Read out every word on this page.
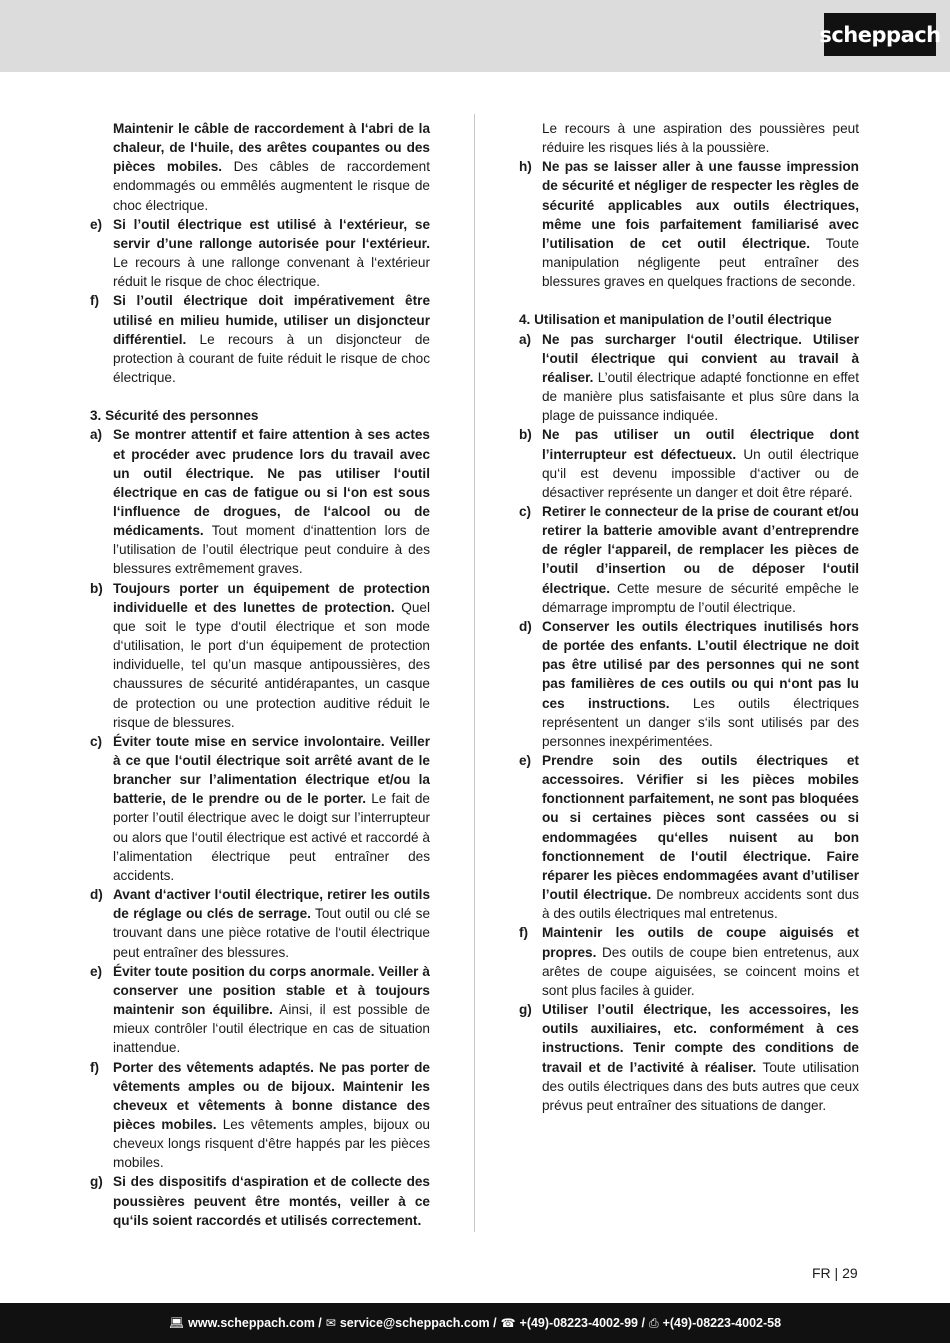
scheppach
Maintenir le câble de raccordement à l‘abri de la chaleur, de l‘huile, des arêtes coupantes ou des pièces mobiles. Des câbles de raccordement endommagés ou emmêlés augmentent le risque de choc électrique.
e) Si l’outil électrique est utilisé à l‘extérieur, se servir d’une rallonge autorisée pour l‘extérieur. Le recours à une rallonge convenant à l‘extérieur réduit le risque de choc électrique.
f) Si l’outil électrique doit impérativement être utilisé en milieu humide, utiliser un disjoncteur différentiel. Le recours à un disjoncteur de protection à courant de fuite réduit le risque de choc électrique.
3. Sécurité des personnes
a) Se montrer attentif et faire attention à ses actes et procéder avec prudence lors du travail avec un outil électrique. Ne pas utiliser l‘outil électrique en cas de fatigue ou si l‘on est sous l‘influence de drogues, de l‘alcool ou de médicaments. Tout moment d‘inattention lors de l’utilisation de l’outil électrique peut conduire à des blessures extrêmement graves.
b) Toujours porter un équipement de protection individuelle et des lunettes de protection. Quel que soit le type d‘outil électrique et son mode d‘utilisation, le port d‘un équipement de protection individuelle, tel qu’un masque antipoussières, des chaussures de sécurité antidérapantes, un casque de protection ou une protection auditive réduit le risque de blessures.
c) Éviter toute mise en service involontaire. Veiller à ce que l‘outil électrique soit arrêté avant de le brancher sur l’alimentation électrique et/ou la batterie, de le prendre ou de le porter. Le fait de porter l’outil électrique avec le doigt sur l’interrupteur ou alors que l‘outil électrique est activé et raccordé à l’alimentation électrique peut entraîner des accidents.
d) Avant d‘activer l‘outil électrique, retirer les outils de réglage ou clés de serrage. Tout outil ou clé se trouvant dans une pièce rotative de l‘outil électrique peut entraîner des blessures.
e) Éviter toute position du corps anormale. Veiller à conserver une position stable et à toujours maintenir son équilibre. Ainsi, il est possible de mieux contrôler l‘outil électrique en cas de situation inattendue.
f) Porter des vêtements adaptés. Ne pas porter de vêtements amples ou de bijoux. Maintenir les cheveux et vêtements à bonne distance des pièces mobiles. Les vêtements amples, bijoux ou cheveux longs risquent d‘être happés par les pièces mobiles.
g) Si des dispositifs d‘aspiration et de collecte des poussières peuvent être montés, veiller à ce qu‘ils soient raccordés et utilisés correctement.
Le recours à une aspiration des poussières peut réduire les risques liés à la poussière.
h) Ne pas se laisser aller à une fausse impression de sécurité et négliger de respecter les règles de sécurité applicables aux outils électriques, même une fois parfaitement familiarisé avec l’utilisation de cet outil électrique. Toute manipulation négligente peut entraîner des blessures graves en quelques fractions de seconde.
4. Utilisation et manipulation de l’outil électrique
a) Ne pas surcharger l‘outil électrique. Utiliser l‘outil électrique qui convient au travail à réaliser. L’outil électrique adapté fonctionne en effet de manière plus satisfaisante et plus sûre dans la plage de puissance indiquée.
b) Ne pas utiliser un outil électrique dont l’interrupteur est défectueux. Un outil électrique qu‘il est devenu impossible d‘activer ou de désactiver représente un danger et doit être réparé.
c) Retirer le connecteur de la prise de courant et/ou retirer la batterie amovible avant d’entreprendre de régler l‘appareil, de remplacer les pièces de l’outil d’insertion ou de déposer l‘outil électrique. Cette mesure de sécurité empêche le démarrage impromptu de l’outil électrique.
d) Conserver les outils électriques inutilisés hors de portée des enfants. L’outil électrique ne doit pas être utilisé par des personnes qui ne sont pas familières de ces outils ou qui n‘ont pas lu ces instructions. Les outils électriques représentent un danger s‘ils sont utilisés par des personnes inexpérimentées.
e) Prendre soin des outils électriques et accessoires. Vérifier si les pièces mobiles fonctionnent parfaitement, ne sont pas bloquées ou si certaines pièces sont cassées ou si endommagées qu‘elles nuisent au bon fonctionnement de l‘outil électrique. Faire réparer les pièces endommagées avant d’utiliser l’outil électrique. De nombreux accidents sont dus à des outils électriques mal entretenus.
f) Maintenir les outils de coupe aiguisés et propres. Des outils de coupe bien entretenus, aux arêtes de coupe aiguisées, se coincent moins et sont plus faciles à guider.
g) Utiliser l’outil électrique, les accessoires, les outils auxiliaires, etc. conformément à ces instructions. Tenir compte des conditions de travail et de l’activité à réaliser. Toute utilisation des outils électriques dans des buts autres que ceux prévus peut entraîner des situations de danger.
FR | 29
💻︎ www.scheppach.com / ✉ service@scheppach.com / ☎ +(49)-08223-4002-99 / ⎙ +(49)-08223-4002-58
